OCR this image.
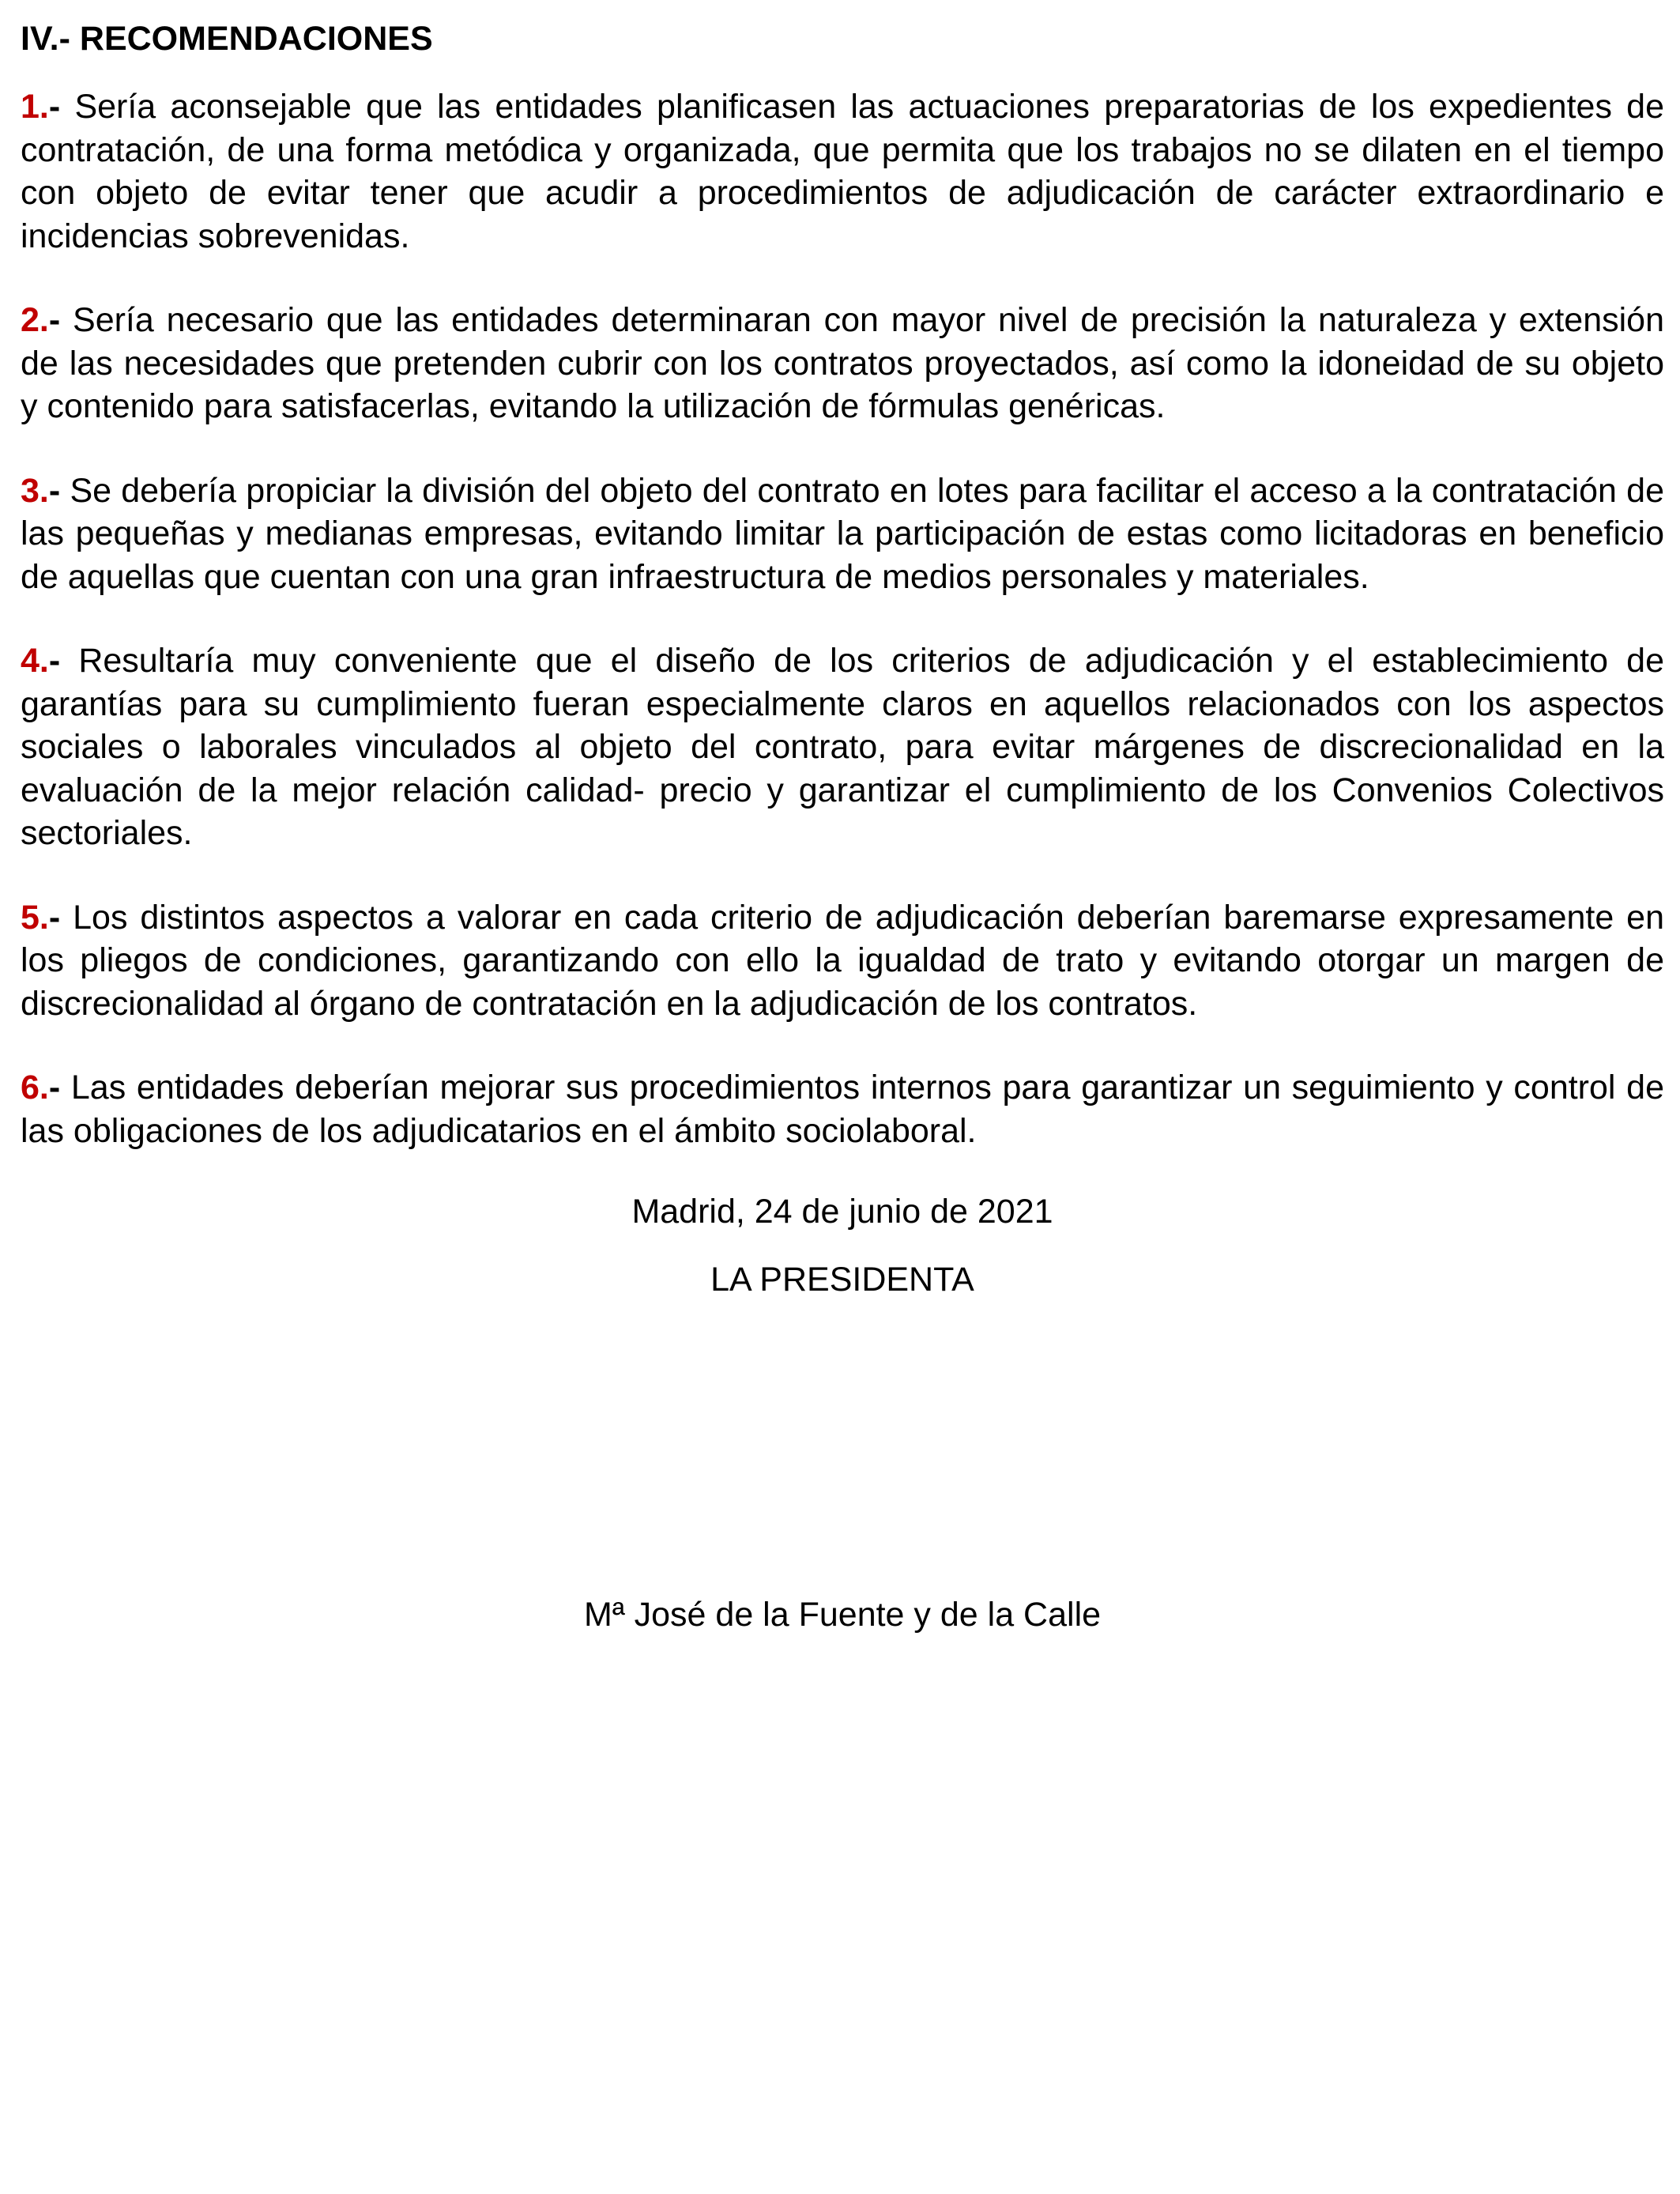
IV.- RECOMENDACIONES

1.- Sería aconsejable que las entidades planificasen las actuaciones preparatorias de los expedientes de contratación, de una forma metódica y organizada, que permita que los trabajos no se dilaten en el tiempo con objeto de evitar tener que acudir a procedimientos de adjudicación de carácter extraordinario e incidencias sobrevenidas.

2.- Sería necesario que las entidades determinaran con mayor nivel de precisión la naturaleza y extensión de las necesidades que pretenden cubrir con los contratos proyectados, así como la idoneidad de su objeto y contenido para satisfacerlas, evitando la utilización de fórmulas genéricas.

3.- Se debería propiciar la división del objeto del contrato en lotes para facilitar el acceso a la contratación de las pequeñas y medianas empresas, evitando limitar la participación de estas como licitadoras en beneficio de aquellas que cuentan con una gran infraestructura de medios personales y materiales.

4.- Resultaría muy conveniente que el diseño de los criterios de adjudicación y el establecimiento de garantías para su cumplimiento fueran especialmente claros en aquellos relacionados con los aspectos sociales o laborales vinculados al objeto del contrato, para evitar márgenes de discrecionalidad en la evaluación de la mejor relación calidad- precio y garantizar el cumplimiento de los Convenios Colectivos sectoriales.

5.- Los distintos aspectos a valorar en cada criterio de adjudicación deberían baremarse expresamente en los pliegos de condiciones, garantizando con ello la igualdad de trato y evitando otorgar un margen de discrecionalidad al órgano de contratación en la adjudicación de los contratos.

6.- Las entidades deberían mejorar sus procedimientos internos para garantizar un seguimiento y control de las obligaciones de los adjudicatarios en el ámbito sociolaboral.

Madrid, 24 de junio de 2021

LA PRESIDENTA

Mª José de la Fuente y de la Calle
